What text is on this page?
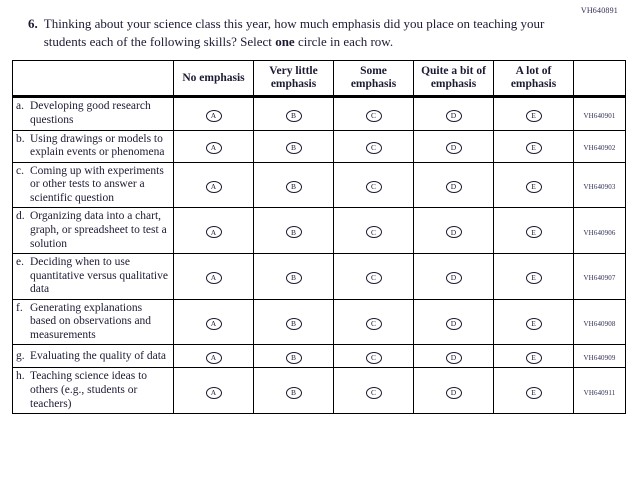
VH640891
6. Thinking about your science class this year, how much emphasis did you place on teaching your students each of the following skills? Select one circle in each row.

	No emphasis	Very little emphasis	Some emphasis	Quite a bit of emphasis	A lot of emphasis	

a. Developing good research questions	A	B	C	D	E	VH640901

b. Using drawings or models to explain events or phenomena	A	B	C	D	E	VH640902

c. Coming up with experiments or other tests to answer a scientific question	A	B	C	D	E	VH640903

d. Organizing data into a chart, graph, or spreadsheet to test a solution	A	B	C	D	E	VH640906

e. Deciding when to use quantitative versus qualitative data	A	B	C	D	E	VH640907

f. Generating explanations based on observations and measurements	A	B	C	D	E	VH640908

g. Evaluating the quality of data	A	B	C	D	E	VH640909

h. Teaching science ideas to others (e.g., students or teachers)	A	B	C	D	E	VH640911
